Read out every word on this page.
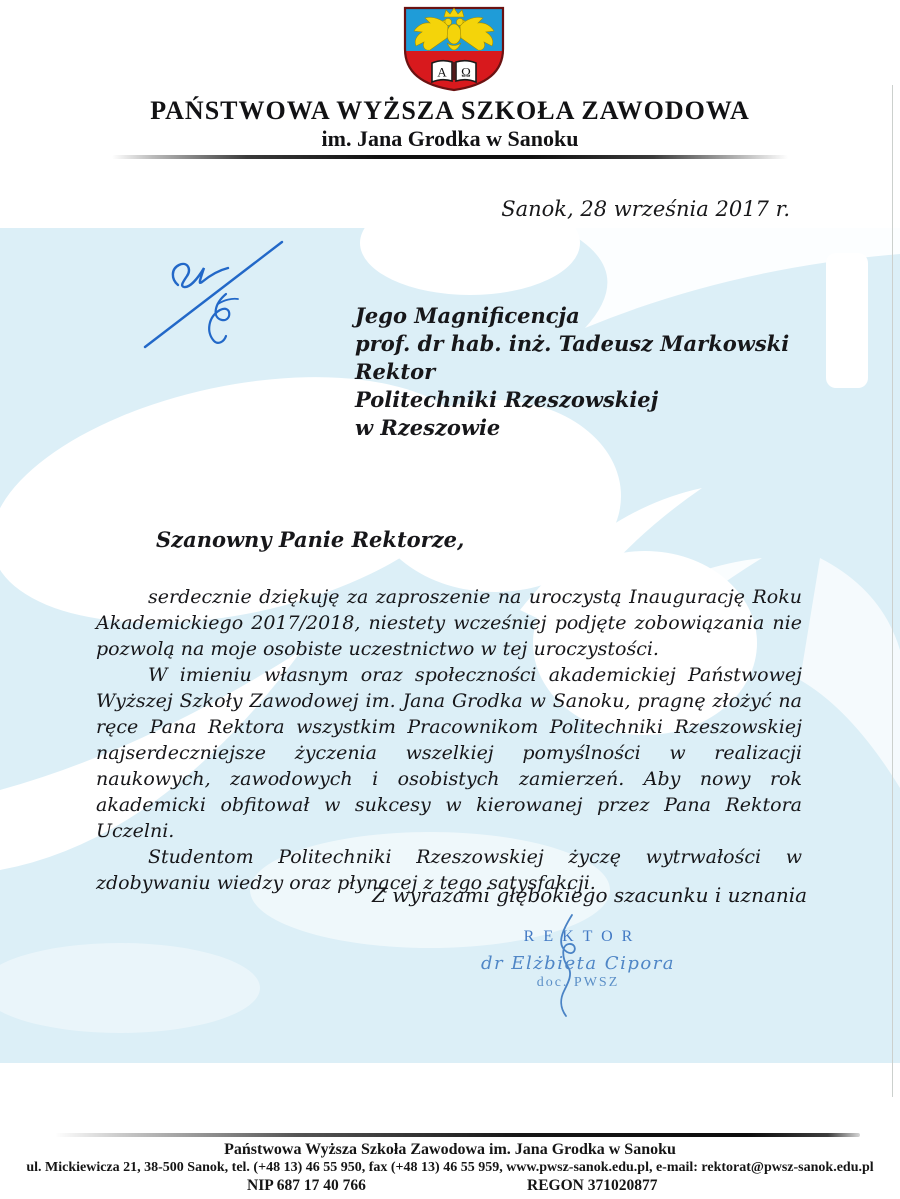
Α Ω
PAŃSTWOWA WYŻSZA SZKOŁA ZAWODOWA
im. Jana Grodka w Sanoku
Sanok, 28 września 2017 r.
Jego Magnificencja
prof. dr hab. inż. Tadeusz Markowski
Rektor
Politechniki Rzeszowskiej
w Rzeszowie
Szanowny Panie Rektorze,

serdecznie dziękuję za zaproszenie na uroczystą Inaugurację Roku Akademickiego 2017/2018, niestety wcześniej podjęte zobowiązania nie pozwolą na moje osobiste uczestnictwo w tej uroczystości.

W imieniu własnym oraz społeczności akademickiej Państwowej Wyższej Szkoły Zawodowej im. Jana Grodka w Sanoku, pragnę złożyć na ręce Pana Rektora wszystkim Pracownikom Politechniki Rzeszowskiej najserdeczniejsze życzenia wszelkiej pomyślności w realizacji naukowych, zawodowych i osobistych zamierzeń. Aby nowy rok akademicki obfitował w sukcesy w kierowanej przez Pana Rektora Uczelni.

Studentom Politechniki Rzeszowskiej życzę wytrwałości w zdobywaniu wiedzy oraz płynącej z tego satysfakcji.

Z wyrazami głębokiego szacunku i uznania
REKTOR
dr Elżbieta Cipora
doc. PWSZ
Państwowa Wyższa Szkoła Zawodowa im. Jana Grodka w Sanoku
ul. Mickiewicza 21, 38-500 Sanok, tel. (+48 13) 46 55 950, fax (+48 13) 46 55 959, www.pwsz-sanok.edu.pl, e-mail: rektorat@pwsz-sanok.edu.pl
NIP 687 17 40 766	REGON 371020877
